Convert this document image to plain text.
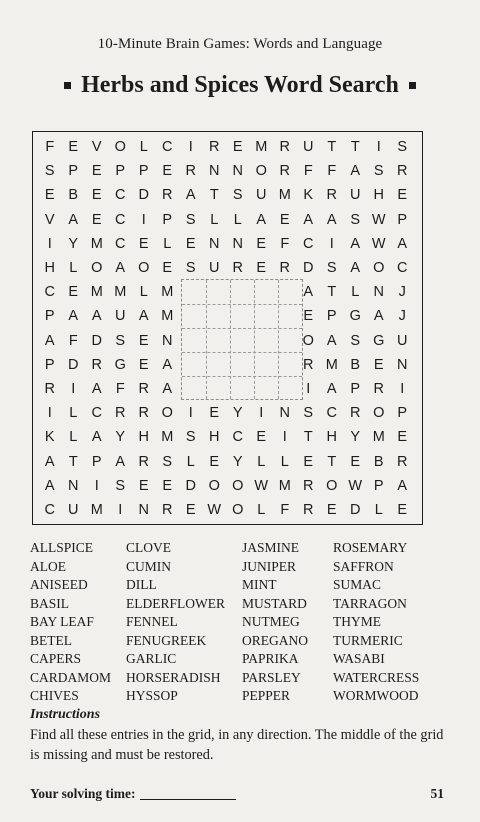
10-Minute Brain Games: Words and Language
Herbs and Spices Word Search
F	E	V	O	L	C	I	R	E	M	R	U	T	T	I	S
S	P	E	P	P	E	R	N	N	O	R	F	F	A	S	R
E	B	E	C	D	R	A	T	S	U	M	K	R	U	H	E
V	A	E	C	I	P	S	L	L	A	E	A	A	S	W	P
I	Y	M	C	E	L	E	N	N	E	F	C	I	A	W	A
H	L	O	A	O	E	S	U	R	E	R	D	S	A	O	C
C	E	M	M	L	M						A	T	L	N	J
P	A	A	U	A	M						E	P	G	A	J
A	F	D	S	E	N						O	A	S	G	U
P	D	R	G	E	A						R	M	B	E	N
R	I	A	F	R	A						I	A	P	R	I
I	L	C	R	R	O	I	E	Y	I	N	S	C	R	O	P
K	L	A	Y	H	M	S	H	C	E	I	T	H	Y	M	E
A	T	P	A	R	S	L	E	Y	L	L	E	T	E	B	R
A	N	I	S	E	E	D	O	O	W	M	R	O	W	P	A
C	U	M	I	N	R	E	W	O	L	F	R	E	D	L	E
ALLSPICE
ALOE
ANISEED
BASIL
BAY LEAF
BETEL
CAPERS
CARDAMOM
CHIVES
CLOVE
CUMIN
DILL
ELDERFLOWER
FENNEL
FENUGREEK
GARLIC
HORSERADISH
HYSSOP
JASMINE
JUNIPER
MINT
MUSTARD
NUTMEG
OREGANO
PAPRIKA
PARSLEY
PEPPER
ROSEMARY
SAFFRON
SUMAC
TARRAGON
THYME
TURMERIC
WASABI
WATERCRESS
WORMWOOD
Instructions
Find all these entries in the grid, in any direction. The middle of the grid is missing and must be restored.
Your solving time:	51
